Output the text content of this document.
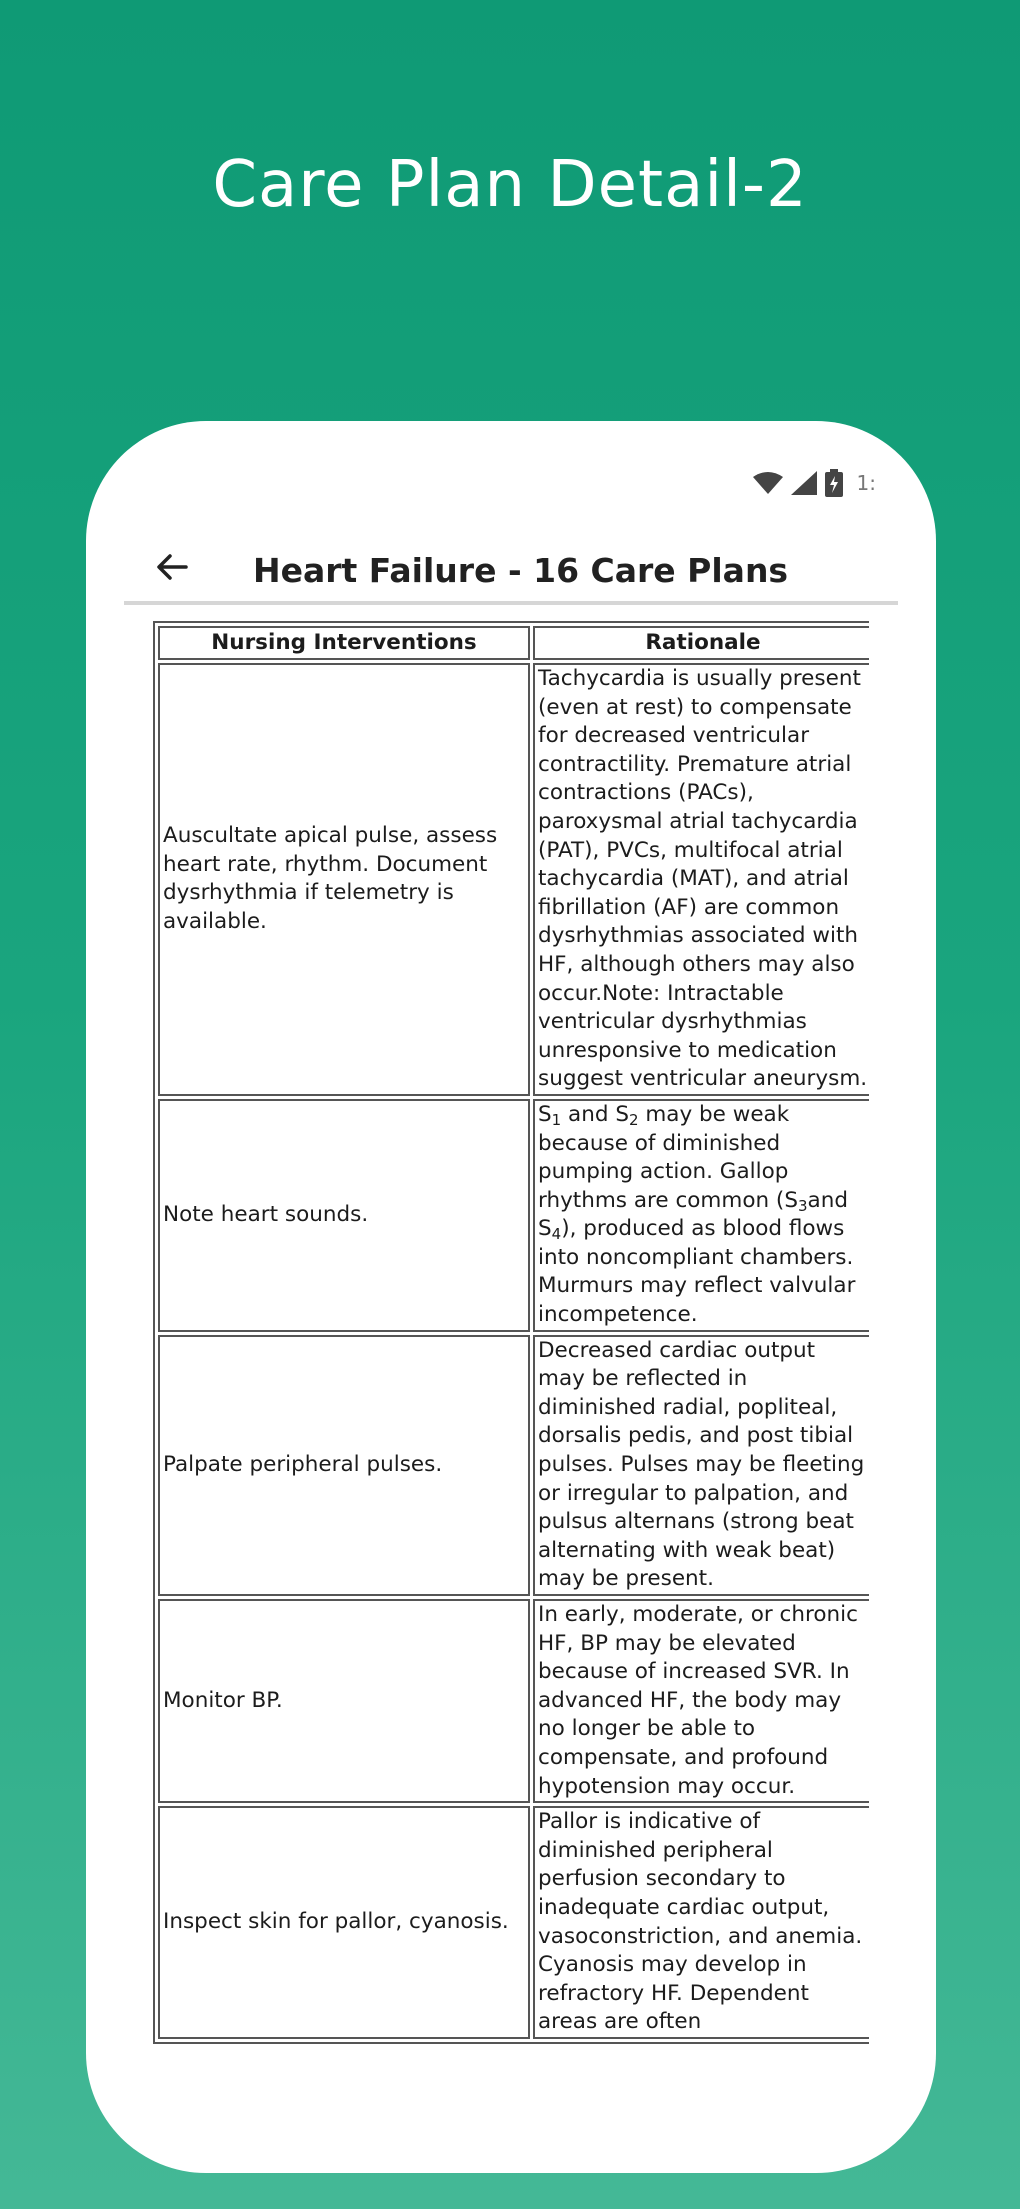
Care Plan Detail-2
1:
Heart Failure - 16 Care Plans
Nursing Interventions	Rationale
Auscultate apical pulse, assess heart rate, rhythm. Document dysrhythmia if telemetry is available.	Tachycardia is usually present (even at rest) to compensate for decreased ventricular contractility. Premature atrial contractions (PACs), paroxysmal atrial tachycardia (PAT), PVCs, multifocal atrial tachycardia (MAT), and atrial fibrillation (AF) are common dysrhythmias associated with HF, although others may also occur.Note: Intractable ventricular dysrhythmias unresponsive to medication suggest ventricular aneurysm.
Note heart sounds.	$S_1$ and $S_2$ may be weak because of diminished pumping action. Gallop rhythms are common ($S_3and$ $S_4$), produced as blood flows into noncompliant chambers. Murmurs may reflect valvular incompetence.
Palpate peripheral pulses.	Decreased cardiac output may be reflected in diminished radial, popliteal, dorsalis pedis, and post tibial pulses. Pulses may be fleeting or irregular to palpation, and pulsus alternans (strong beat alternating with weak beat) may be present.
Monitor BP.	In early, moderate, or chronic HF, BP may be elevated because of increased SVR. In advanced HF, the body may no longer be able to compensate, and profound hypotension may occur.
Inspect skin for pallor, cyanosis.	Pallor is indicative of diminished peripheral perfusion secondary to inadequate cardiac output, vasoconstriction, and anemia. Cyanosis may develop in refractory HF. Dependent areas are often
